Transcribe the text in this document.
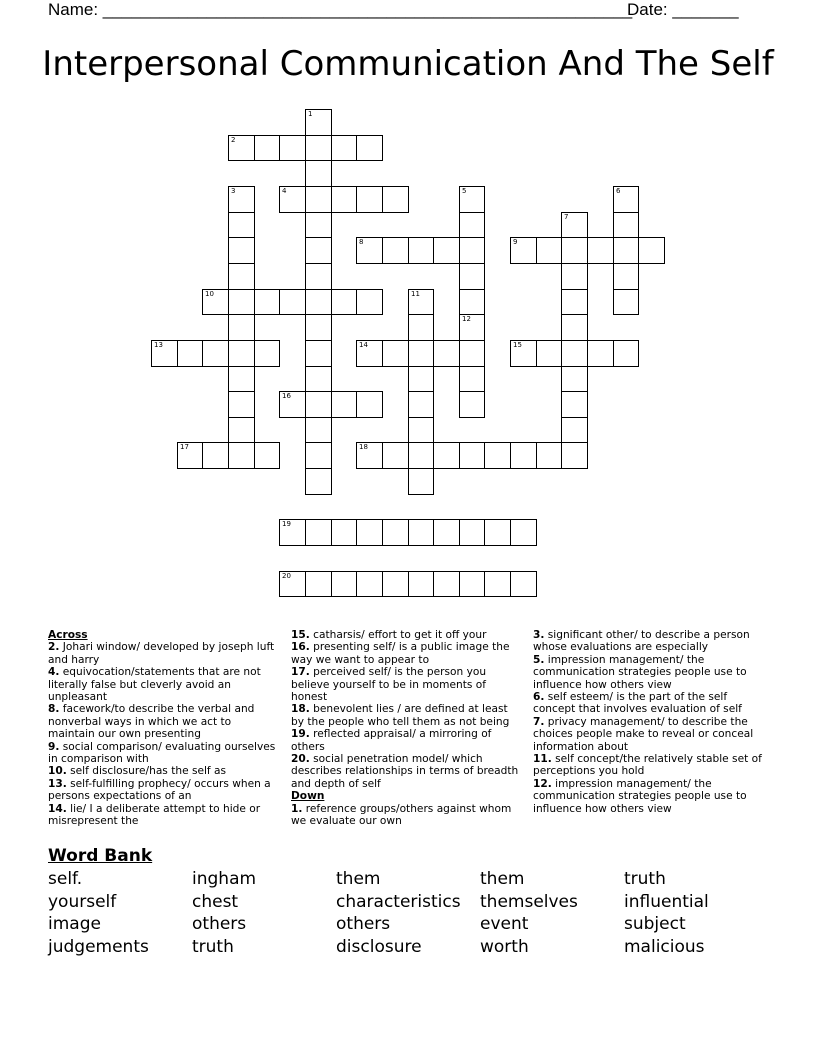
Name: ________________________________________________________
Date: _______
Interpersonal Communication And The Self
1
2
3	4	5
12
6
7
8	9
10	11
13	14	15
16
17	18
19
20
Across
2. Johari window/ developed by joseph luft and harry
4. equivocation/statements that are not literally false but cleverly avoid an unpleasant
8. facework/to describe the verbal and nonverbal ways in which we act to maintain our own presenting
9. social comparison/ evaluating ourselves in comparison with
10. self disclosure/has the self as
13. self-fulfilling prophecy/ occurs when a persons expectations of an
14. lie/ I a deliberate attempt to hide or misrepresent the
15. catharsis/ effort to get it off your
16. presenting self/ is a public image the way we want to appear to
17. perceived self/ is the person you believe yourself to be in moments of honest
18. benevolent lies / are defined at least by the people who tell them as not being
19. reflected appraisal/ a mirroring of others
20. social penetration model/ which describes relationships in terms of breadth and depth of self
Down
1. reference groups/others against whom we evaluate our own
3. significant other/ to describe a person whose evaluations are especially
5. impression management/ the communication strategies people use to influence how others view
6. self esteem/ is the part of the self concept that involves evaluation of self
7. privacy management/ to describe the choices people make to reveal or conceal information about
11. self concept/the relatively stable set of perceptions you hold
12. impression management/ the communication strategies people use to influence how others view
Word Bank
self.
yourself
image
judgements
ingham
chest
others
truth
them
characteristics
others
disclosure
them
themselves
event
worth
truth
influential
subject
malicious
